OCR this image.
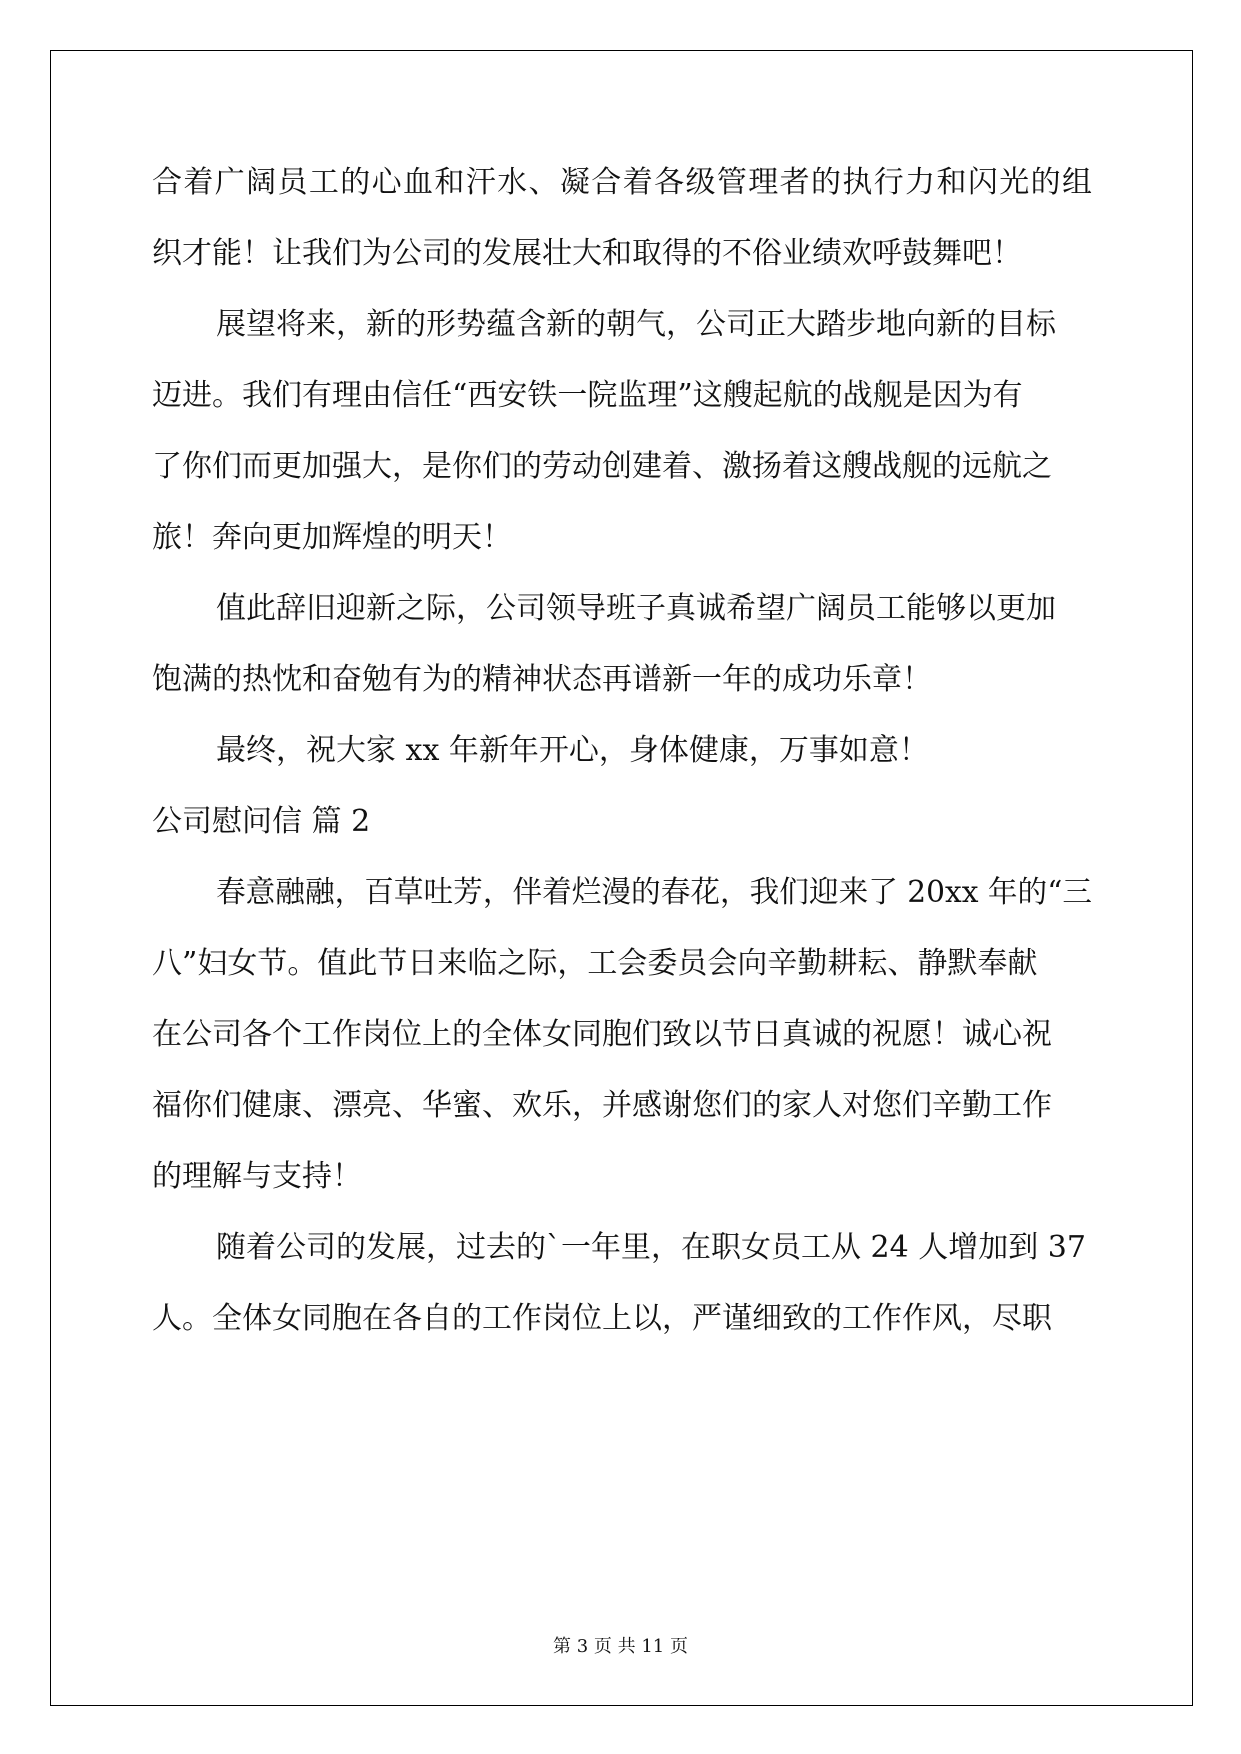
合着广阔员工的心血和汗水、凝合着各级管理者的执行力和闪光的组
织才能！让我们为公司的发展壮大和取得的不俗业绩欢呼鼓舞吧！
展望将来，新的形势蕴含新的朝气，公司正大踏步地向新的目标
迈进。我们有理由信任“西安铁一院监理”这艘起航的战舰是因为有
了你们而更加强大，是你们的劳动创建着、激扬着这艘战舰的远航之
旅！奔向更加辉煌的明天！
值此辞旧迎新之际，公司领导班子真诚希望广阔员工能够以更加
饱满的热忱和奋勉有为的精神状态再谱新一年的成功乐章！
最终，祝大家 xx 年新年开心，身体健康，万事如意！
公司慰问信 篇 2
春意融融，百草吐芳，伴着烂漫的春花，我们迎来了 20xx 年的“三
八”妇女节。值此节日来临之际，工会委员会向辛勤耕耘、静默奉献
在公司各个工作岗位上的全体女同胞们致以节日真诚的祝愿！诚心祝
福你们健康、漂亮、华蜜、欢乐，并感谢您们的家人对您们辛勤工作
的理解与支持！
随着公司的发展，过去的`一年里，在职女员工从 24 人增加到 37
人。全体女同胞在各自的工作岗位上以，严谨细致的工作作风，尽职
第 3 页 共 11 页
